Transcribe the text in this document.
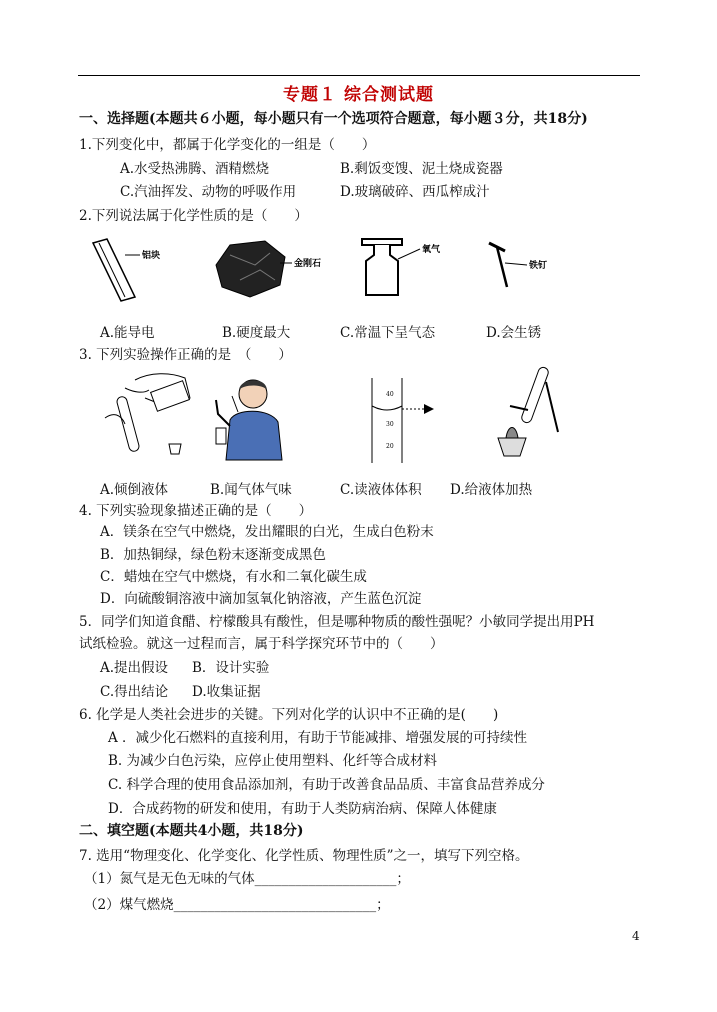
专题１ 综合测试题
一、选择题(本题共６小题，每小题只有一个选项符合题意，每小题３分，共18分)
1.下列变化中，都属于化学变化的一组是（　　）
A.水受热沸腾、酒精燃烧	B.剩饭变馊、泥土烧成瓷器
C.汽油挥发、动物的呼吸作用	D.玻璃破碎、西瓜榨成汁
2.下列说法属于化学性质的是（　　）
铝块
金刚石
氧气
铁钉
A.能导电	B.硬度最大	C.常温下呈气态	D.会生锈
3. 下列实验操作正确的是　（　　）
40
30
20
A.倾倒液体	B.闻气体气味	C.读液体体积 D.给液体加热
4. 下列实验现象描述正确的是（　　）
A．镁条在空气中燃烧，发出耀眼的白光，生成白色粉末
B．加热铜绿，绿色粉末逐渐变成黑色
C．蜡烛在空气中燃烧，有水和二氧化碳生成
D．向硫酸铜溶液中滴加氢氧化钠溶液，产生蓝色沉淀
5．同学们知道食醋、柠檬酸具有酸性，但是哪种物质的酸性强呢？小敏同学提出用PH
试纸检验。就这一过程而言，属于科学探究环节中的（　　）
A.提出假设 B．设计实验
C.得出结论 D.收集证据
6. 化学是人类社会进步的关键。下列对化学的认识中不正确的是(　　)
A ．减少化石燃料的直接利用，有助于节能减排、增强发展的可持续性
B. 为减少白色污染，应停止使用塑料、化纤等合成材料
C. 科学合理的使用食品添加剂，有助于改善食品品质、丰富食品营养成分
D．合成药物的研发和使用，有助于人类防病治病、保障人体健康
二、填空题(本题共4小题，共18分)
7. 选用“物理变化、化学变化、化学性质、物理性质”之一，填写下列空格。
（1）氮气是无色无味的气体_____________________；
（2）煤气燃烧______________________________；
4
